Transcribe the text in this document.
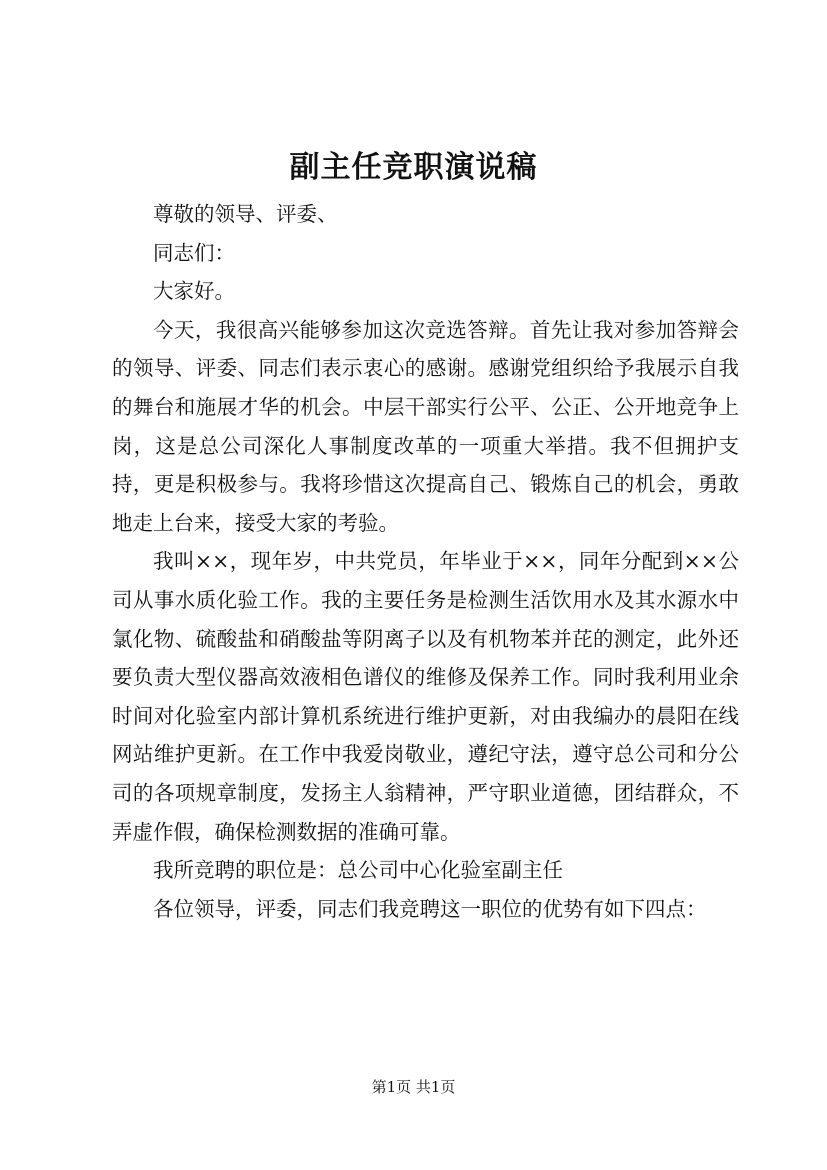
副主任竞职演说稿

尊敬的领导、评委、

同志们：

大家好。

今天，我很高兴能够参加这次竞选答辩。首先让我对参加答辩会的领导、评委、同志们表示衷心的感谢。感谢党组织给予我展示自我的舞台和施展才华的机会。中层干部实行公平、公正、公开地竞争上岗，这是总公司深化人事制度改革的一项重大举措。我不但拥护支持，更是积极参与。我将珍惜这次提高自己、锻炼自己的机会，勇敢地走上台来，接受大家的考验。

我叫××，现年岁，中共党员，年毕业于××，同年分配到××公司从事水质化验工作。我的主要任务是检测生活饮用水及其水源水中氯化物、硫酸盐和硝酸盐等阴离子以及有机物苯并芘的测定，此外还要负责大型仪器高效液相色谱仪的维修及保养工作。同时我利用业余时间对化验室内部计算机系统进行维护更新，对由我编办的晨阳在线网站维护更新。在工作中我爱岗敬业，遵纪守法，遵守总公司和分公司的各项规章制度，发扬主人翁精神，严守职业道德，团结群众，不弄虚作假，确保检测数据的准确可靠。

我所竞聘的职位是：总公司中心化验室副主任

各位领导，评委，同志们我竞聘这一职位的优势有如下四点：

第1页 共1页
